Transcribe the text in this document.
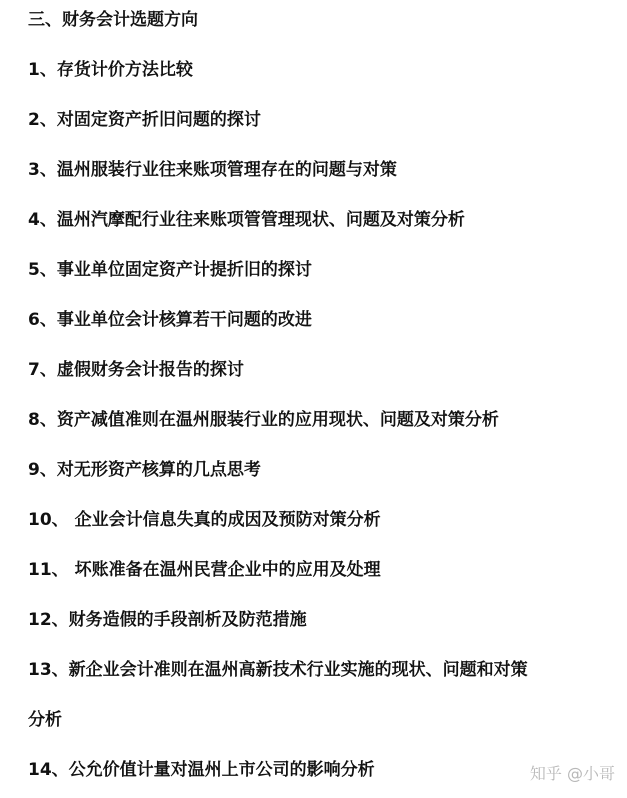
三、财务会计选题方向
1、存货计价方法比较
2、对固定资产折旧问题的探讨
3、温州服装行业往来账项管理存在的问题与对策
4、温州汽摩配行业往来账项管管理现状、问题及对策分析
5、事业单位固定资产计提折旧的探讨
6、事业单位会计核算若干问题的改进
7、虚假财务会计报告的探讨
8、资产减值准则在温州服装行业的应用现状、问题及对策分析
9、对无形资产核算的几点思考
10、 企业会计信息失真的成因及预防对策分析
11、 坏账准备在温州民营企业中的应用及处理
12、财务造假的手段剖析及防范措施
13、新企业会计准则在温州高新技术行业实施的现状、问题和对策
分析
14、公允价值计量对温州上市公司的影响分析	知乎 @小哥
